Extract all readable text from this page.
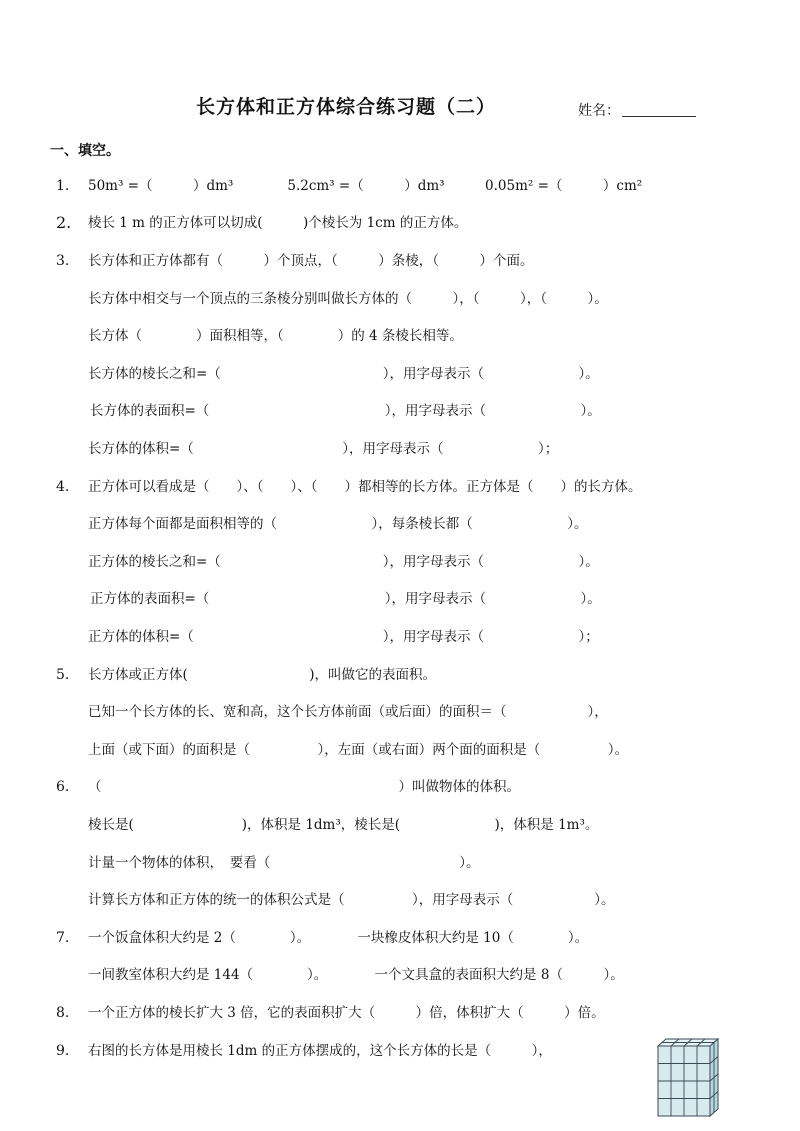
长方体和正方体综合练习题（二）	姓名：
一、填空。
1. 50m³ =（　　　）dm³　　　　5.2cm³ =（　　　）dm³　　　0.05m² =（　　　）cm²
2. 棱长 1 m 的正方体可以切成(　　　)个棱长为 1cm 的正方体。
3. 长方体和正方体都有（　　　）个顶点，（　　　）条棱，（　　　）个面。
长方体中相交与一个顶点的三条棱分别叫做长方体的（　　　），（　　　），（　　　）。
长方体（　　　　）面积相等，（　　　　）的 4 条棱长相等。
长方体的棱长之和=（　　　　　　　　　　　　），用字母表示（　　　　　　　）。
长方体的表面积=（　　　　　　　　　　　　　），用字母表示（　　　　　　　）。
长方体的体积=（　　　　　　　　　　　），用字母表示（　　　　　　　）；
4. 正方体可以看成是（　　）、（　　）、（　　）都相等的长方体。正方体是（　　）的长方体。
正方体每个面都是面积相等的（　　　　　　　），每条棱长都（　　　　　　　）。
正方体的棱长之和=（　　　　　　　　　　　　），用字母表示（　　　　　　　）。
正方体的表面积=（　　　　　　　　　　　　　），用字母表示（　　　　　　　）。
正方体的体积=（　　　　　　　　　　　　　　），用字母表示（　　　　　　　）；
5. 长方体或正方体(　　　　　　　　　)，叫做它的表面积。
已知一个长方体的长、宽和高，这个长方体前面（或后面）的面积＝（　　　　　　），
上面（或下面）的面积是（　　　　　），左面（或右面）两个面的面积是（　　　　　）。
6. （　　　　　　　　　　　　　　　　　　　　　　）叫做物体的体积。
棱长是(　　　　　　　　)，体积是 1dm³，棱长是(　　　　　　　)，体积是 1m³。
计量一个物体的体积，　要看（　　　　　　　　　　　　　　）。
计算长方体和正方体的统一的体积公式是（　　　　　），用字母表示（　　　　　　）。
7. 一个饭盒体积大约是 2（　　　　）。　　　　一块橡皮体积大约是 10（　　　　）。
一间教室体积大约是 144（　　　　）。　　　　一个文具盒的表面积大约是 8（　　　）。
8. 一个正方体的棱长扩大 3 倍，它的表面积扩大（　　　）倍，体积扩大（　　　）倍。
9. 右图的长方体是用棱长 1dm 的正方体摆成的，这个长方体的长是（　　　），
